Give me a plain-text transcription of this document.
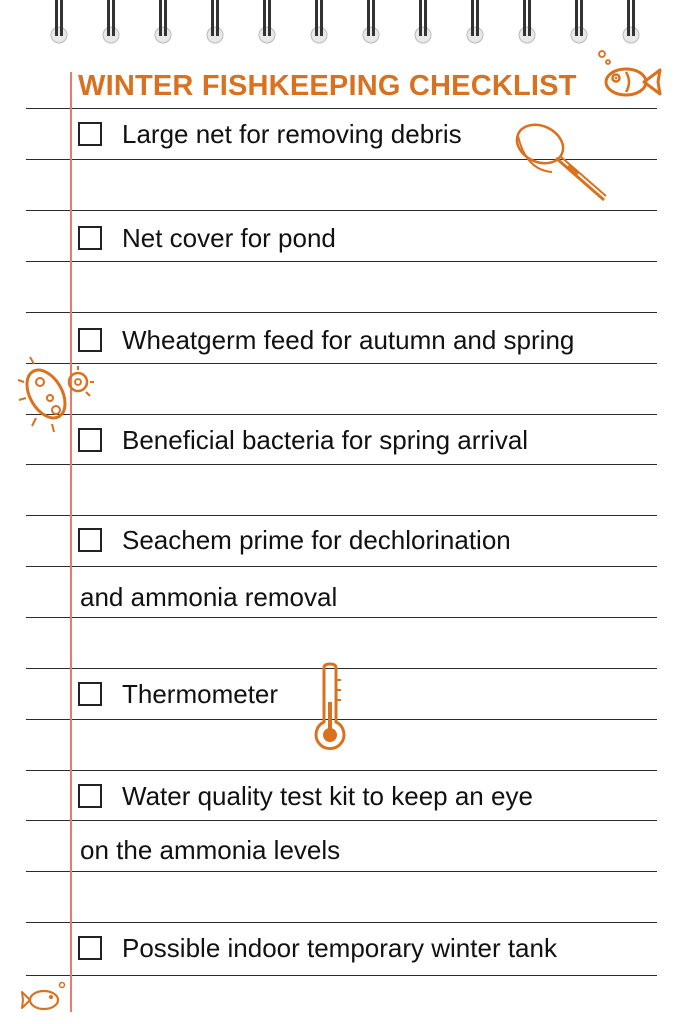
WINTER FISHKEEPING CHECKLIST
Large net for removing debris
Net cover for pond
Wheatgerm feed for autumn and spring
Beneficial bacteria for spring arrival
Seachem prime for dechlorination
and ammonia removal
Thermometer
Water quality test kit to keep an eye
on the ammonia levels
Possible indoor temporary winter tank
